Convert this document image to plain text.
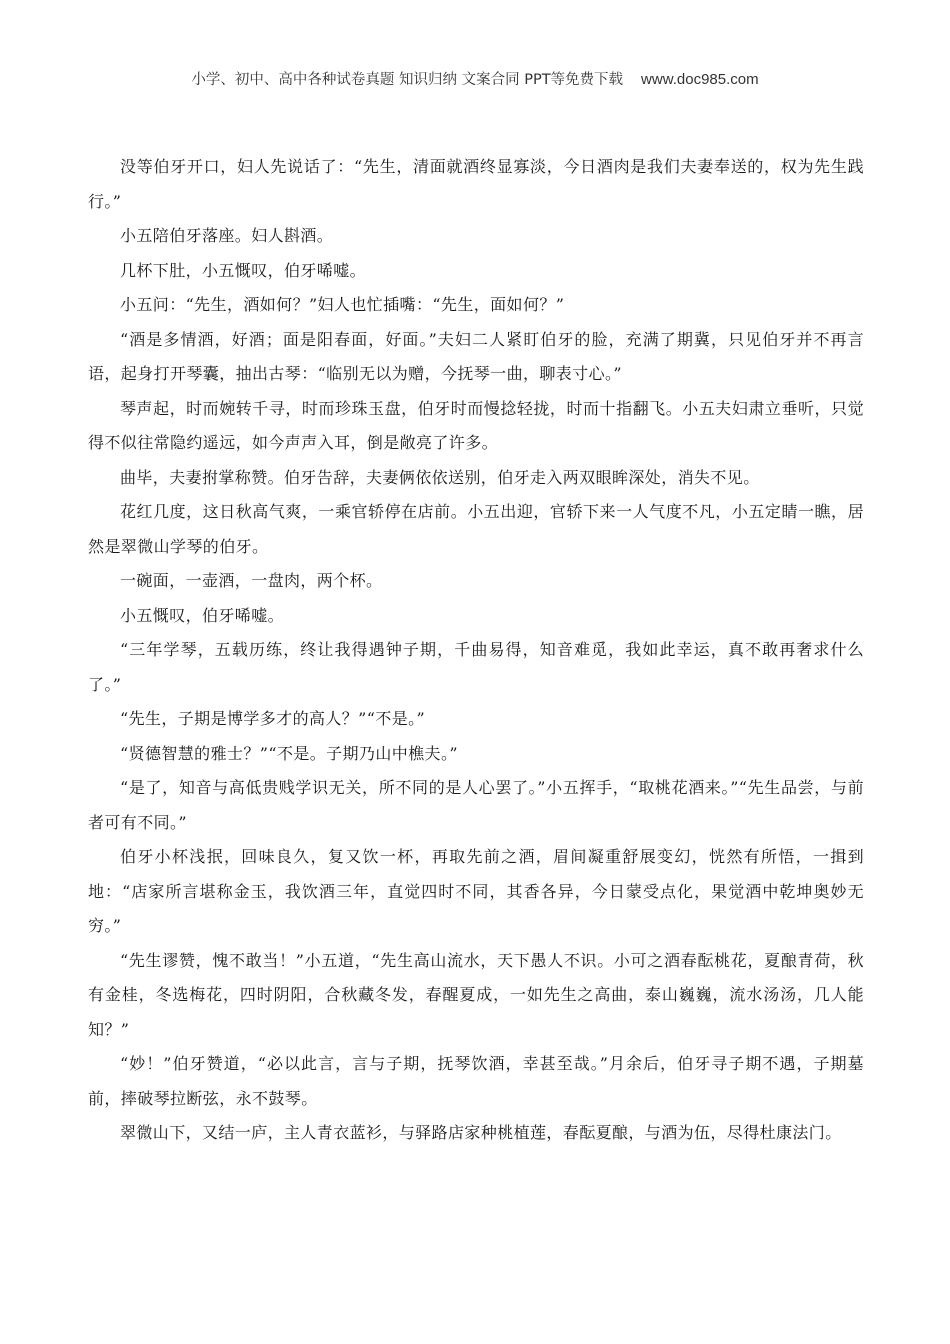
小学、初中、高中各种试卷真题 知识归纳 文案合同 PPT等免费下载 www.doc985.com

没等伯牙开口，妇人先说话了：“先生，清面就酒终显寡淡，今日酒肉是我们夫妻奉送的，权为先生践行。”

小五陪伯牙落座。妇人斟酒。

几杯下肚，小五慨叹，伯牙唏嘘。

小五问：“先生，酒如何？”妇人也忙插嘴：“先生，面如何？”

“酒是多情酒，好酒；面是阳春面，好面。”夫妇二人紧盯伯牙的脸，充满了期冀，只见伯牙并不再言语，起身打开琴囊，抽出古琴：“临别无以为赠，今抚琴一曲，聊表寸心。”

琴声起，时而婉转千寻，时而珍珠玉盘，伯牙时而慢捻轻拢，时而十指翻飞。小五夫妇肃立垂听，只觉得不似往常隐约遥远，如今声声入耳，倒是敞亮了许多。

曲毕，夫妻拊掌称赞。伯牙告辞，夫妻俩依依送别，伯牙走入两双眼眸深处，消失不见。

花红几度，这日秋高气爽，一乘官轿停在店前。小五出迎，官轿下来一人气度不凡，小五定睛一瞧，居然是翠微山学琴的伯牙。

一碗面，一壶酒，一盘肉，两个杯。

小五慨叹，伯牙唏嘘。

“三年学琴，五载历练，终让我得遇钟子期，千曲易得，知音难觅，我如此幸运，真不敢再奢求什么了。”

“先生，子期是博学多才的高人？”“不是。”

“贤德智慧的雅士？”“不是。子期乃山中樵夫。”

“是了，知音与高低贵贱学识无关，所不同的是人心罢了。”小五挥手，“取桃花酒来。”“先生品尝，与前者可有不同。”

伯牙小杯浅抿，回味良久，复又饮一杯，再取先前之酒，眉间凝重舒展变幻，恍然有所悟，一揖到地：“店家所言堪称金玉，我饮酒三年，直觉四时不同，其香各异，今日蒙受点化，果觉酒中乾坤奥妙无穷。”

“先生谬赞，愧不敢当！”小五道，“先生高山流水，天下愚人不识。小可之酒春酝桃花，夏酿青荷，秋有金桂，冬选梅花，四时阴阳，合秋藏冬发，春醒夏成，一如先生之高曲，泰山巍巍，流水汤汤，几人能知？”

“妙！”伯牙赞道，“必以此言，言与子期，抚琴饮酒，幸甚至哉。”月余后，伯牙寻子期不遇，子期墓前，摔破琴拉断弦，永不鼓琴。

翠微山下，又结一庐，主人青衣蓝衫，与驿路店家种桃植莲，春酝夏酿，与酒为伍，尽得杜康法门。
